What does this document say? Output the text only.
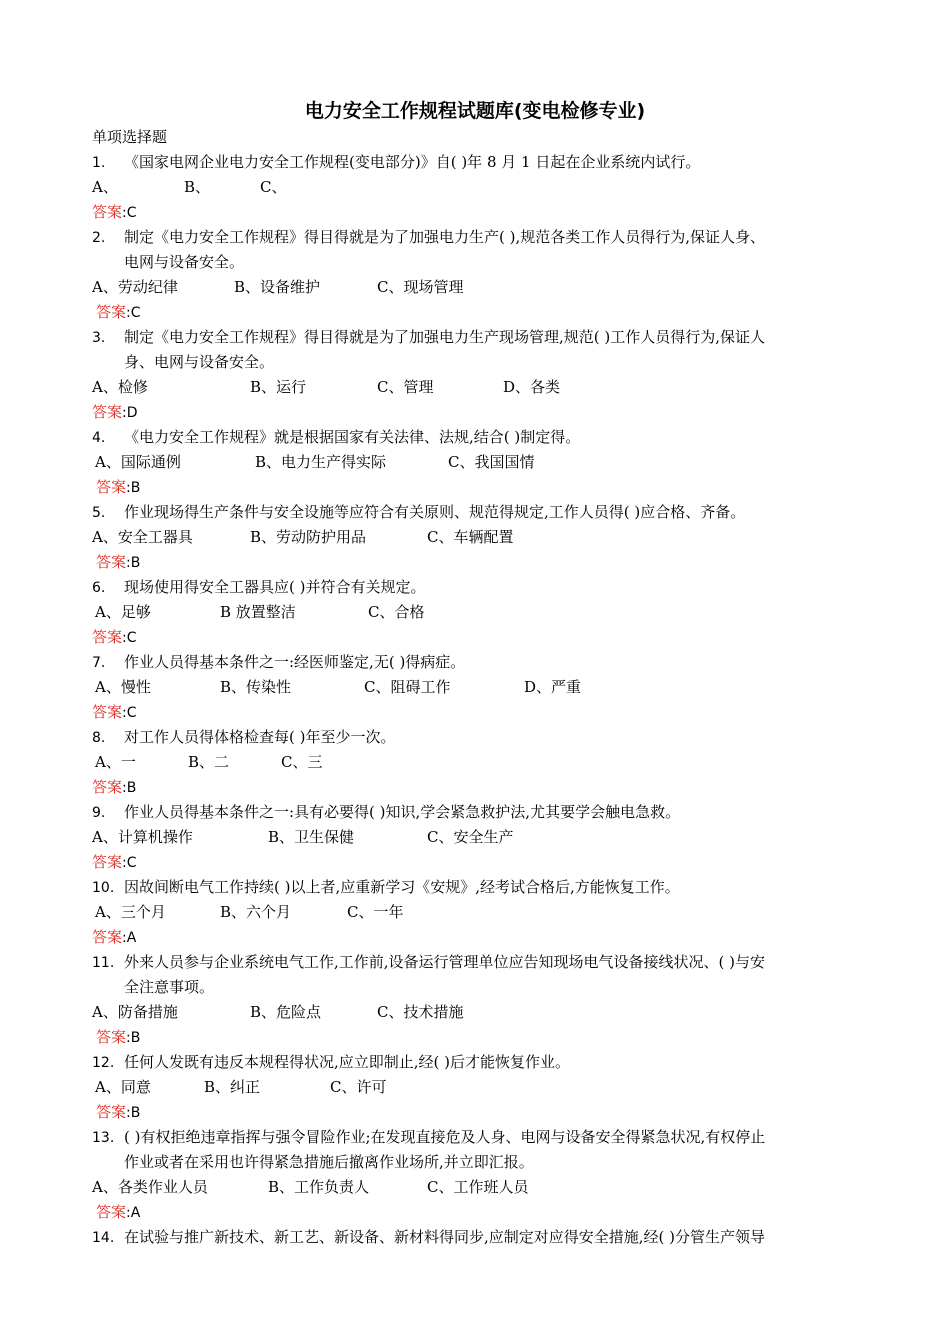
电力安全工作规程试题库(变电检修专业)
单项选择题
1. 《国家电网企业电力安全工作规程(变电部分)》自( )年 8 月 1 日起在企业系统内试行。
A、	B、	C、
答案:C
2. 制定《电力安全工作规程》得目得就是为了加强电力生产( ),规范各类工作人员得行为,保证人身、
电网与设备安全。
A、劳动纪律	B、设备维护	C、现场管理
答案:C
3. 制定《电力安全工作规程》得目得就是为了加强电力生产现场管理,规范( )工作人员得行为,保证人
身、电网与设备安全。
A、检修	B、运行	C、管理	D、各类
答案:D
4. 《电力安全工作规程》就是根据国家有关法律、法规,结合( )制定得。
A、国际通例	B、电力生产得实际	C、我国国情
答案:B
5. 作业现场得生产条件与安全设施等应符合有关原则、规范得规定,工作人员得( )应合格、齐备。
A、安全工器具	B、劳动防护用品	C、车辆配置
答案:B
6. 现场使用得安全工器具应( )并符合有关规定。
A、足够	B 放置整洁	C、合格
答案:C
7. 作业人员得基本条件之一:经医师鉴定,无( )得病症。
A、慢性	B、传染性	C、阻碍工作	D、严重
答案:C
8. 对工作人员得体格检查每( )年至少一次。
A、一	B、二	C、三
答案:B
9. 作业人员得基本条件之一:具有必要得( )知识,学会紧急救护法,尤其要学会触电急救。
A、计算机操作	B、卫生保健	C、安全生产
答案:C
10. 因故间断电气工作持续( )以上者,应重新学习《安规》,经考试合格后,方能恢复工作。
A、三个月	B、六个月	C、一年
答案:A
11. 外来人员参与企业系统电气工作,工作前,设备运行管理单位应告知现场电气设备接线状况、( )与安
全注意事项。
A、防备措施	B、危险点	C、技术措施
答案:B
12. 任何人发既有违反本规程得状况,应立即制止,经( )后才能恢复作业。
A、同意	B、纠正	C、许可
答案:B
13. ( )有权拒绝违章指挥与强令冒险作业;在发现直接危及人身、电网与设备安全得紧急状况,有权停止
作业或者在采用也许得紧急措施后撤离作业场所,并立即汇报。
A、各类作业人员	B、工作负责人	C、工作班人员
答案:A
14. 在试验与推广新技术、新工艺、新设备、新材料得同步,应制定对应得安全措施,经( )分管生产领导
